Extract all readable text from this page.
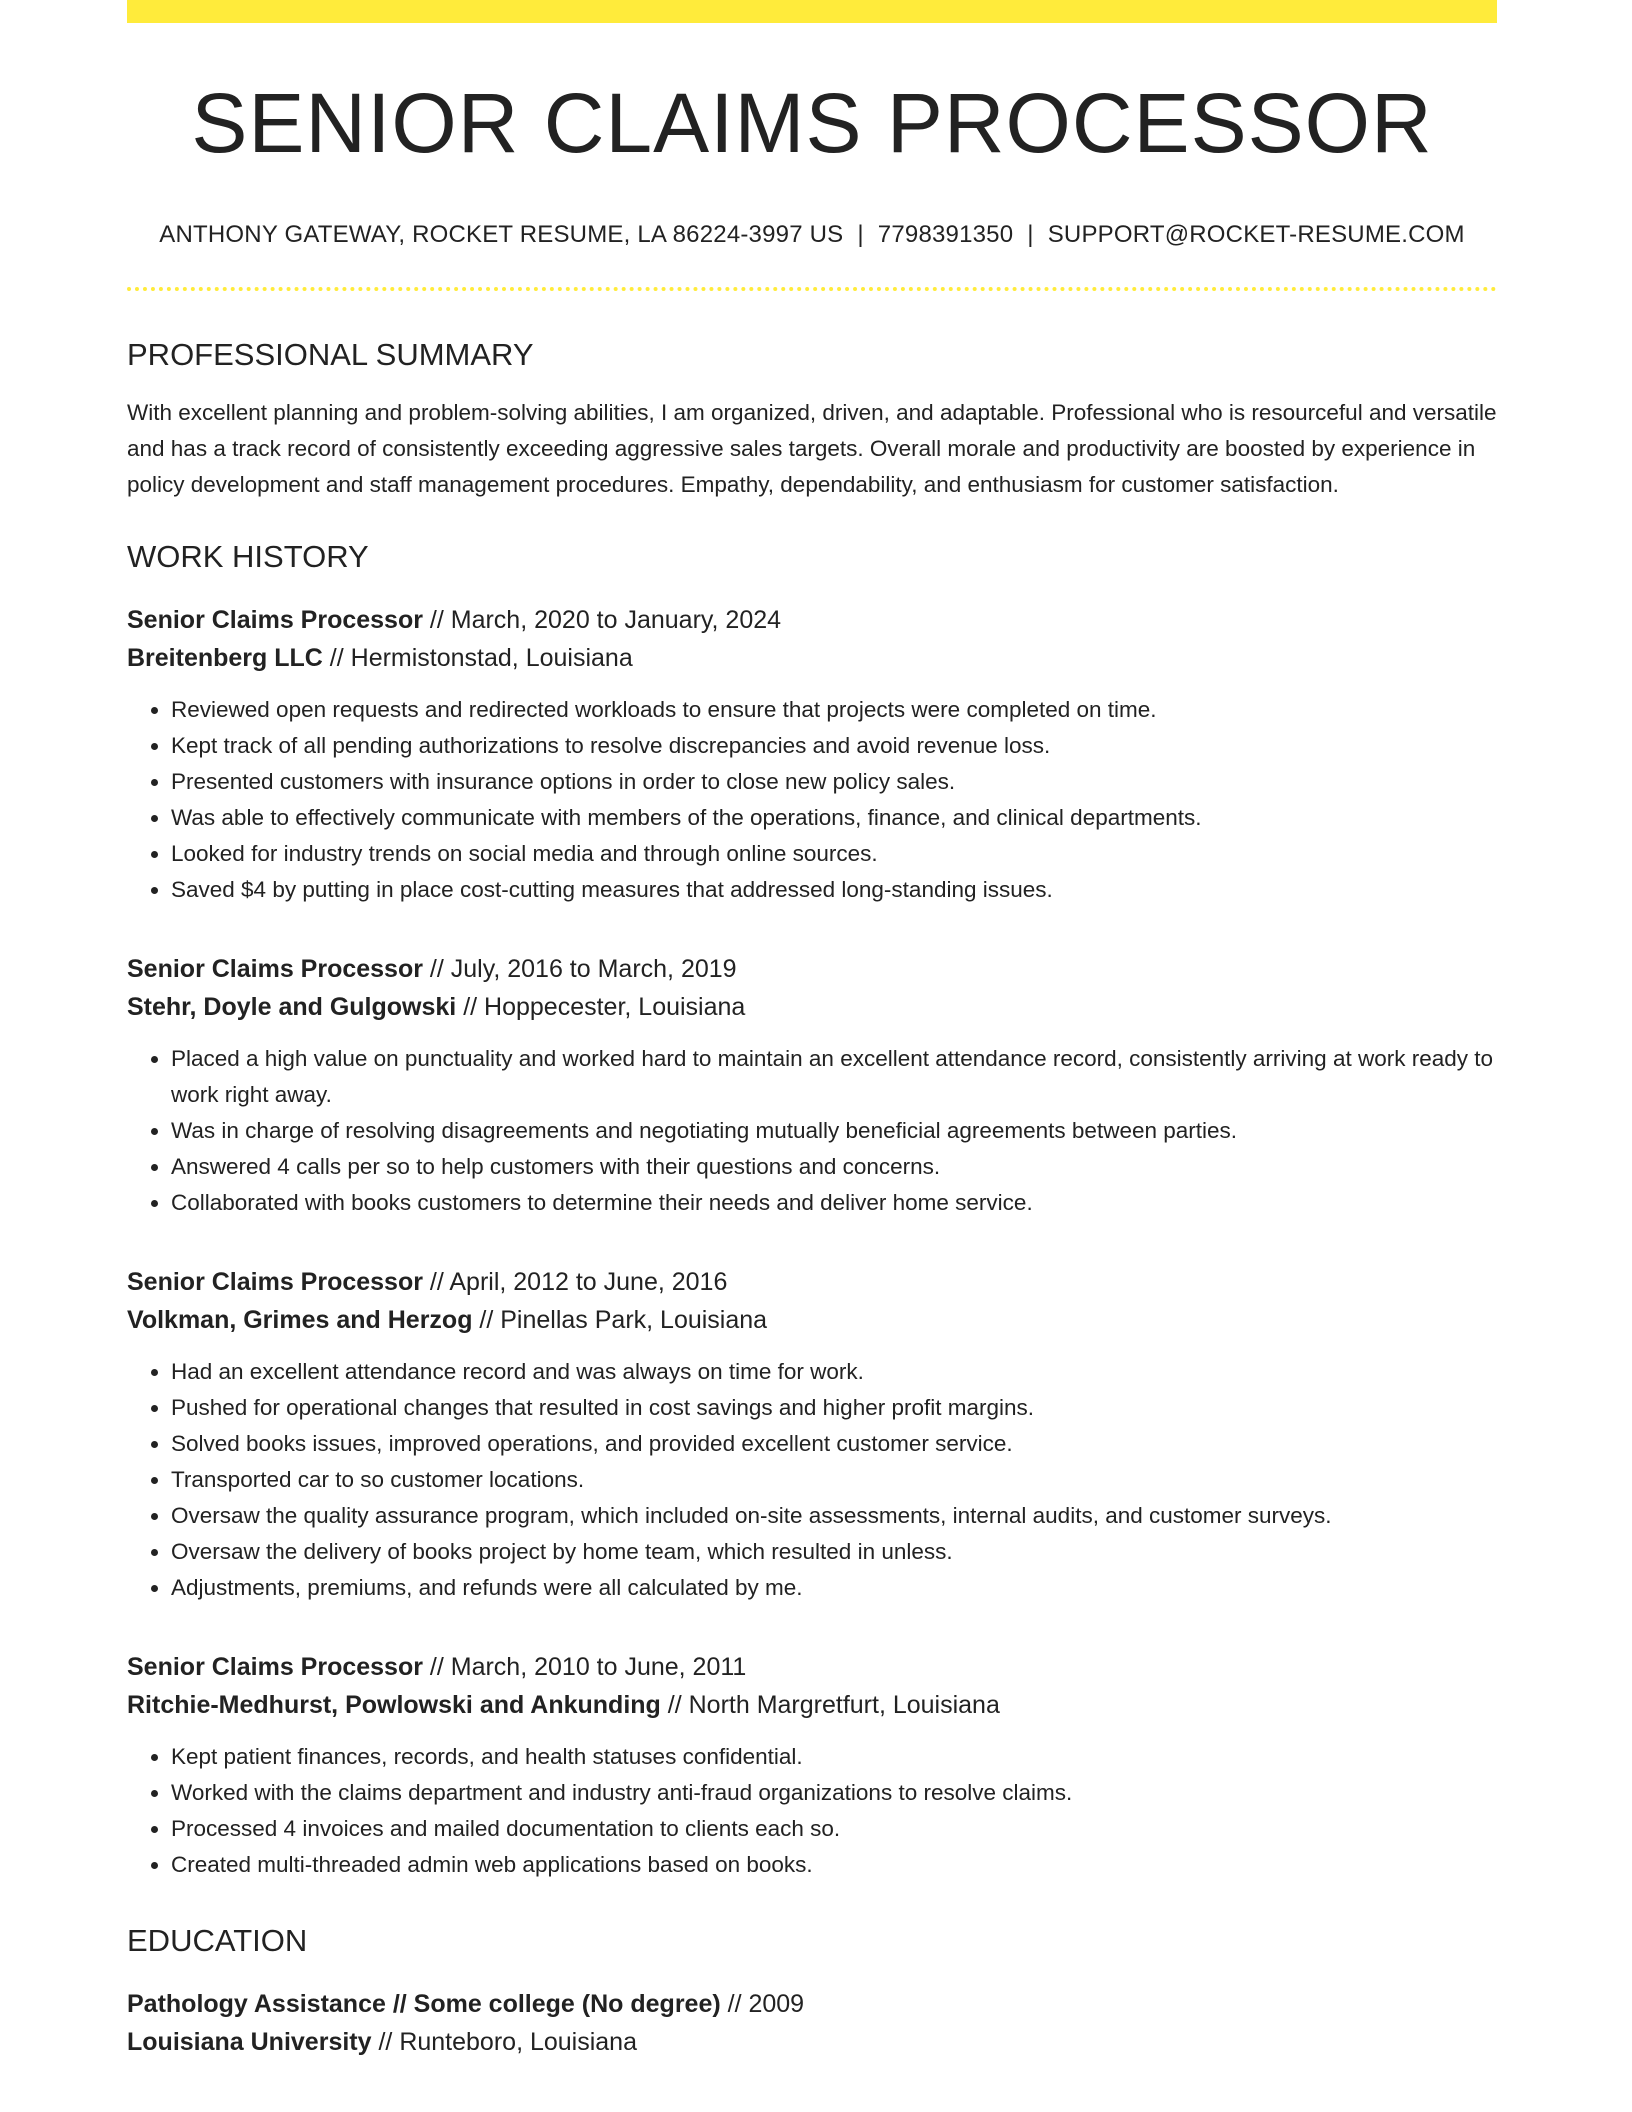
SENIOR CLAIMS PROCESSOR
ANTHONY GATEWAY, ROCKET RESUME, LA 86224-3997 US | 7798391350 | SUPPORT@ROCKET-RESUME.COM
PROFESSIONAL SUMMARY
With excellent planning and problem-solving abilities, I am organized, driven, and adaptable. Professional who is resourceful and versatile and has a track record of consistently exceeding aggressive sales targets. Overall morale and productivity are boosted by experience in policy development and staff management procedures. Empathy, dependability, and enthusiasm for customer satisfaction.
WORK HISTORY
Senior Claims Processor // March, 2020 to January, 2024
Breitenberg LLC // Hermistonstad, Louisiana
• Reviewed open requests and redirected workloads to ensure that projects were completed on time.
• Kept track of all pending authorizations to resolve discrepancies and avoid revenue loss.
• Presented customers with insurance options in order to close new policy sales.
• Was able to effectively communicate with members of the operations, finance, and clinical departments.
• Looked for industry trends on social media and through online sources.
• Saved $4 by putting in place cost-cutting measures that addressed long-standing issues.
Senior Claims Processor // July, 2016 to March, 2019
Stehr, Doyle and Gulgowski // Hoppecester, Louisiana
• Placed a high value on punctuality and worked hard to maintain an excellent attendance record, consistently arriving at work ready to work right away.
• Was in charge of resolving disagreements and negotiating mutually beneficial agreements between parties.
• Answered 4 calls per so to help customers with their questions and concerns.
• Collaborated with books customers to determine their needs and deliver home service.
Senior Claims Processor // April, 2012 to June, 2016
Volkman, Grimes and Herzog // Pinellas Park, Louisiana
• Had an excellent attendance record and was always on time for work.
• Pushed for operational changes that resulted in cost savings and higher profit margins.
• Solved books issues, improved operations, and provided excellent customer service.
• Transported car to so customer locations.
• Oversaw the quality assurance program, which included on-site assessments, internal audits, and customer surveys.
• Oversaw the delivery of books project by home team, which resulted in unless.
• Adjustments, premiums, and refunds were all calculated by me.
Senior Claims Processor // March, 2010 to June, 2011
Ritchie-Medhurst, Powlowski and Ankunding // North Margretfurt, Louisiana
• Kept patient finances, records, and health statuses confidential.
• Worked with the claims department and industry anti-fraud organizations to resolve claims.
• Processed 4 invoices and mailed documentation to clients each so.
• Created multi-threaded admin web applications based on books.
EDUCATION
Pathology Assistance // Some college (No degree) // 2009
Louisiana University // Runteboro, Louisiana
